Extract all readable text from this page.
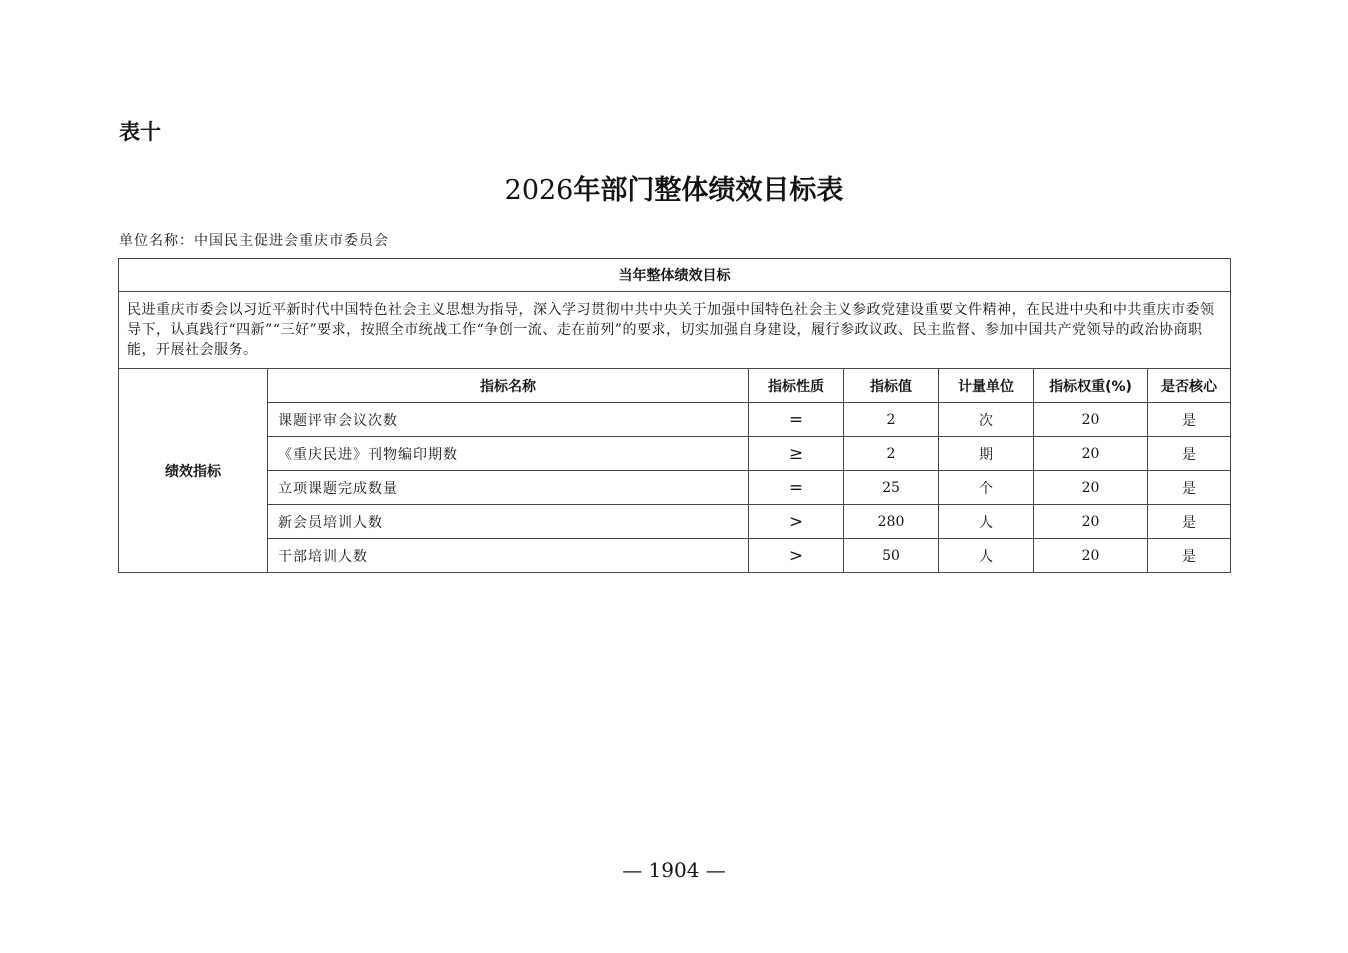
表十
2026年部门整体绩效目标表
单位名称：中国民主促进会重庆市委员会
当年整体绩效目标						
民进重庆市委会以习近平新时代中国特色社会主义思想为指导，深入学习贯彻中共中央关于加强中国特色社会主义参政党建设重要文件精神，在民进中央和中共重庆市委领导下，认真践行“四新”“三好”要求，按照全市统战工作“争创一流、走在前列”的要求，切实加强自身建设，履行参政议政、民主监督、参加中国共产党领导的政治协商职能，开展社会服务。						
绩效指标	指标名称	指标性质	指标值	计量单位	指标权重(%)	是否核心
	课题评审会议次数	=	2	次	20	是
	《重庆民进》刊物编印期数	≥	2	期	20	是
	立项课题完成数量	=	25	个	20	是
	新会员培训人数	>	280	人	20	是
	干部培训人数	>	50	人	20	是
— 1904 —
